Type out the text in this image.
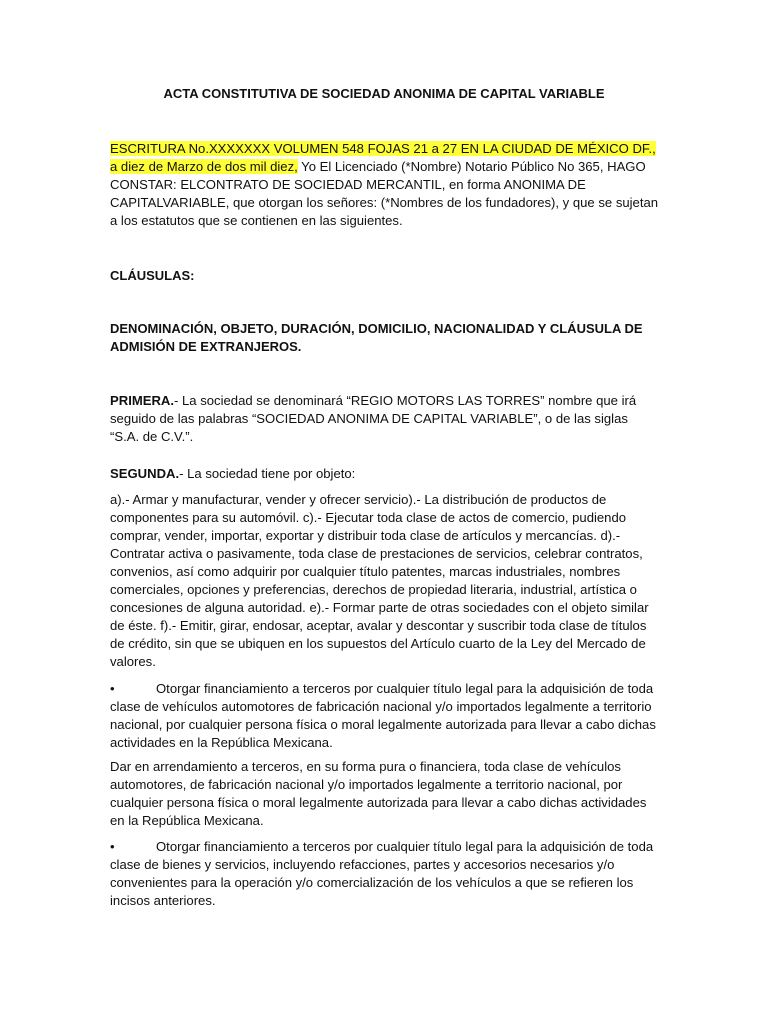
ACTA CONSTITUTIVA DE SOCIEDAD ANONIMA DE CAPITAL VARIABLE
ESCRITURA No.XXXXXXX VOLUMEN 548 FOJAS 21 a 27 EN LA CIUDAD DE MÉXICO DF., a diez de Marzo de dos mil diez, Yo El Licenciado (*Nombre) Notario Público No 365, HAGO CONSTAR: ELCONTRATO DE SOCIEDAD MERCANTIL, en forma ANONIMA DE CAPITALVARIABLE, que otorgan los señores: (*Nombres de los fundadores), y que se sujetan a los estatutos que se contienen en las siguientes.
CLÁUSULAS:
DENOMINACIÓN, OBJETO, DURACIÓN, DOMICILIO, NACIONALIDAD Y CLÁUSULA DE ADMISIÓN DE EXTRANJEROS.
PRIMERA.- La sociedad se denominará “REGIO MOTORS LAS TORRES” nombre que irá seguido de las palabras “SOCIEDAD ANONIMA DE CAPITAL VARIABLE”, o de las siglas “S.A. de C.V.”.
SEGUNDA.- La sociedad tiene por objeto:
a).- Armar y manufacturar, vender y ofrecer servicio).- La distribución de productos de componentes para su automóvil. c).- Ejecutar toda clase de actos de comercio, pudiendo comprar, vender, importar, exportar y distribuir toda clase de artículos y mercancías. d).- Contratar activa o pasivamente, toda clase de prestaciones de servicios, celebrar contratos, convenios, así como adquirir por cualquier título patentes, marcas industriales, nombres comerciales, opciones y preferencias, derechos de propiedad literaria, industrial, artística o concesiones de alguna autoridad. e).- Formar parte de otras sociedades con el objeto similar de éste. f).- Emitir, girar, endosar, aceptar, avalar y descontar y suscribir toda clase de títulos de crédito, sin que se ubiquen en los supuestos del Artículo cuarto de la Ley del Mercado de valores.
•	Otorgar financiamiento a terceros por cualquier título legal para la adquisición de toda clase de vehículos automotores de fabricación nacional y/o importados legalmente a territorio nacional, por cualquier persona física o moral legalmente autorizada para llevar a cabo dichas actividades en la República Mexicana.
Dar en arrendamiento a terceros, en su forma pura o financiera, toda clase de vehículos automotores, de fabricación nacional y/o importados legalmente a territorio nacional, por cualquier persona física o moral legalmente autorizada para llevar a cabo dichas actividades en la República Mexicana.
•	Otorgar financiamiento a terceros por cualquier título legal para la adquisición de toda clase de bienes y servicios, incluyendo refacciones, partes y accesorios necesarios y/o convenientes para la operación y/o comercialización de los vehículos a que se refieren los incisos anteriores.
